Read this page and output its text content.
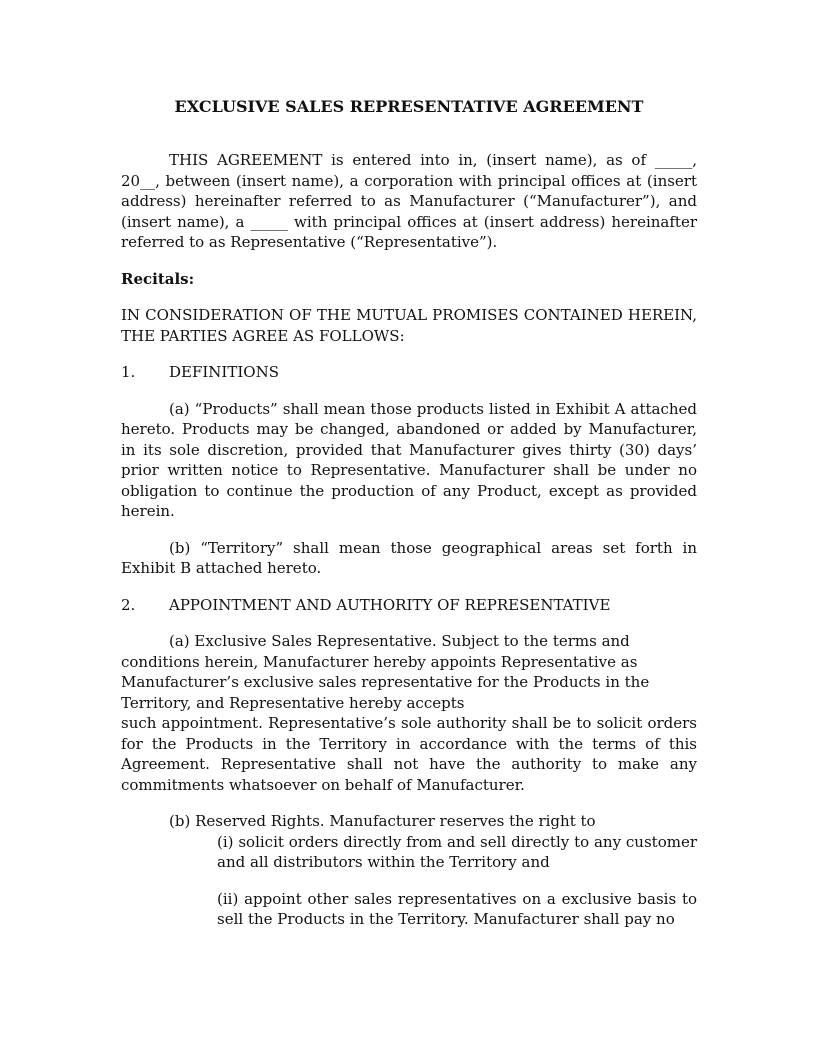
EXCLUSIVE SALES REPRESENTATIVE AGREEMENT

THIS AGREEMENT is entered into in, (insert name), as of _____, 20__, between (insert name), a corporation with principal offices at (insert address) hereinafter referred to as Manufacturer (“Manufacturer”), and (insert name), a _____ with principal offices at (insert address) hereinafter referred to as Representative (“Representative”).

Recitals:

IN CONSIDERATION OF THE MUTUAL PROMISES CONTAINED HEREIN, THE PARTIES AGREE AS FOLLOWS:

1.	DEFINITIONS

(a) “Products” shall mean those products listed in Exhibit A attached hereto. Products may be changed, abandoned or added by Manufacturer, in its sole discretion, provided that Manufacturer gives thirty (30) days’ prior written notice to Representative. Manufacturer shall be under no obligation to continue the production of any Product, except as provided herein.

(b) “Territory” shall mean those geographical areas set forth in Exhibit B attached hereto.

2.	APPOINTMENT AND AUTHORITY OF REPRESENTATIVE

(a) Exclusive Sales Representative. Subject to the terms and conditions herein, Manufacturer hereby appoints Representative as Manufacturer’s exclusive sales representative for the Products in the Territory, and Representative hereby accepts

such appointment. Representative’s sole authority shall be to solicit orders for the Products in the Territory in accordance with the terms of this Agreement. Representative shall not have the authority to make any commitments whatsoever on behalf of Manufacturer.

(b) Reserved Rights. Manufacturer reserves the right to

(i) solicit orders directly from and sell directly to any customer and all distributors within the Territory and

(ii) appoint other sales representatives on a exclusive basis to sell the Products in the Territory. Manufacturer shall pay no
